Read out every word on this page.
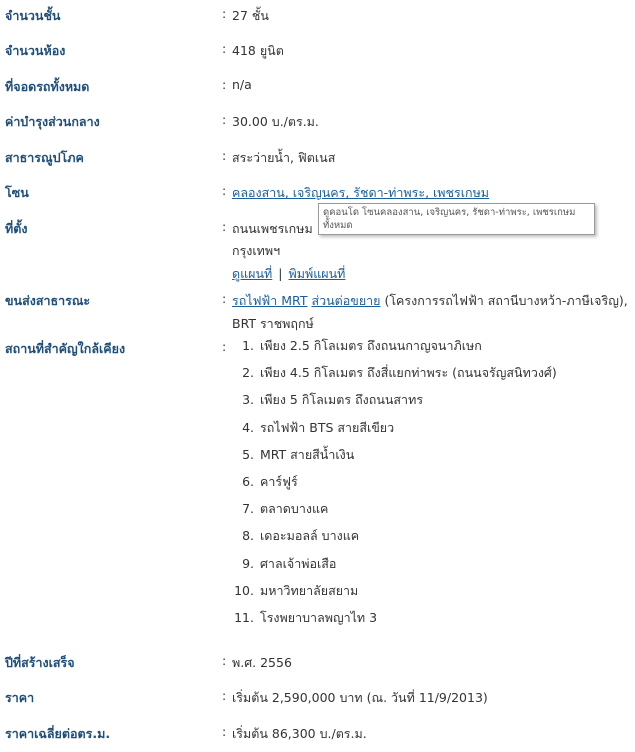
จำนวนชั้น	: 27 ชั้น
จำนวนห้อง	: 418 ยูนิต
ที่จอดรถทั้งหมด	: n/a
ค่าบำรุงส่วนกลาง	: 30.00 บ./ตร.ม.
สาธารณูปโภค	: สระว่ายน้ำ, ฟิตเนส
โซน	: คลองสาน, เจริญนคร, รัชดา-ท่าพระ, เพชรเกษม
ที่ตั้ง	: ถนนเพชรเกษม
กรุงเทพฯ
ดูแผนที่ | พิมพ์แผนที่
ดูคอนโด โซนคลองสาน, เจริญนคร, รัชดา-ท่าพระ, เพชรเกษม ทั้งหมด
ขนส่งสาธารณะ	: รถไฟฟ้า MRT ส่วนต่อขยาย (โครงการรถไฟฟ้า สถานีบางหว้า-ภาษีเจริญ),
BRT ราชพฤกษ์
สถานที่สำคัญใกล้เคียง	:	1. เพียง 2.5 กิโลเมตร ถึงถนนกาญจนาภิเษก
2. เพียง 4.5 กิโลเมตร ถึงสี่แยกท่าพระ (ถนนจรัญสนิทวงศ์)
3. เพียง 5 กิโลเมตร ถึงถนนสาทร
4. รถไฟฟ้า BTS สายสีเขียว
5. MRT สายสีน้ำเงิน
6. คาร์ฟูร์
7. ตลาดบางแค
8. เดอะมอลล์ บางแค
9. ศาลเจ้าพ่อเสือ
10. มหาวิทยาลัยสยาม
11. โรงพยาบาลพญาไท 3
ปีที่สร้างเสร็จ	: พ.ศ. 2556
ราคา	: เริ่มต้น 2,590,000 บาท (ณ. วันที่ 11/9/2013)
ราคาเฉลี่ยต่อตร.ม.	: เริ่มต้น 86,300 บ./ตร.ม.
